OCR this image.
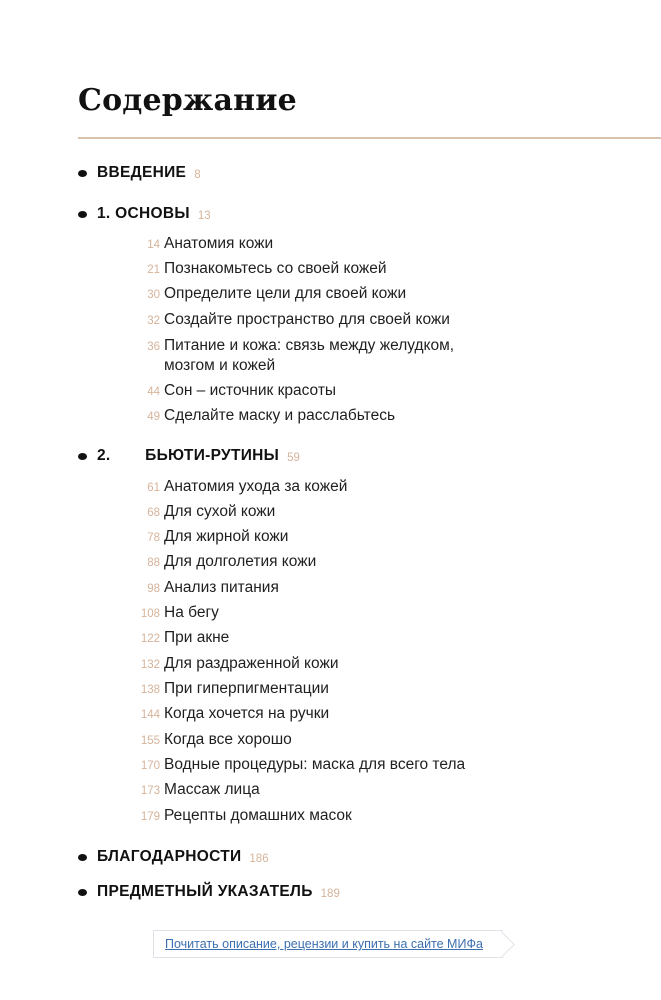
Содержание
ВВЕДЕНИЕ 8
1. ОСНОВЫ 13
14 Анатомия кожи
21 Познакомьтесь со своей кожей
30 Определите цели для своей кожи
32 Создайте пространство для своей кожи
36 Питание и кожа: связь между желудком, мозгом и кожей
44 Сон – источник красоты
49 Сделайте маску и расслабьтесь
2. БЬЮТИ-РУТИНЫ 59
61 Анатомия ухода за кожей
68 Для сухой кожи
78 Для жирной кожи
88 Для долголетия кожи
98 Анализ питания
108 На бегу
122 При акне
132 Для раздраженной кожи
138 При гиперпигментации
144 Когда хочется на ручки
155 Когда все хорошо
170 Водные процедуры: маска для всего тела
173 Массаж лица
179 Рецепты домашних масок
БЛАГОДАРНОСТИ 186
ПРЕДМЕТНЫЙ УКАЗАТЕЛЬ 189
Почитать описание, рецензии и купить на сайте МИФа
